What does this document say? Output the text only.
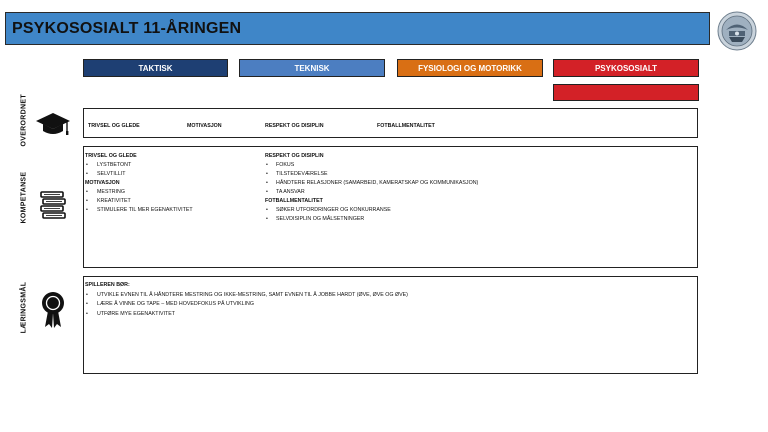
PSYKOSOSIALT 11-ÅRINGEN
TAKTISK	TEKNISK	FYSIOLOGI OG MOTORIKK	PSYKOSOSIALT
OVERORDNET
KOMPETANSE
LÆRINGSMÅL
TRIVSEL OG GLEDE	MOTIVASJON	RESPEKT OG DISIPLIN	FOTBALLMENTALITET
TRIVSEL OG GLEDE
• LYSTBETONT
• SELVTILLIT
MOTIVASJON
• MESTRING
• KREATIVITET
• STIMULERE TIL MER EGENAKTIVITET
RESPEKT OG DISIPLIN
• FOKUS
• TILSTEDEVÆRELSE
• HÅNDTERE RELASJONER (SAMARBEID, KAMERATSKAP OG KOMMUNIKASJON)
• TA ANSVAR
FOTBALLMENTALITET
• SØKER UTFORDRINGER OG KONKURRANSE
• SELVDISIPLIN OG MÅLSETNINGER
SPILLEREN BØR:
• UTVIKLE EVNEN TIL Å HÅNDTERE MESTRING OG IKKE-MESTRING, SAMT EVNEN TIL Å JOBBE HARDT (ØVE, ØVE OG ØVE)
• LÆRE Å VINNE OG TAPE – MED HOVEDFOKUS PÅ UTVIKLING
• UTFØRE MYE EGENAKTIVITET
